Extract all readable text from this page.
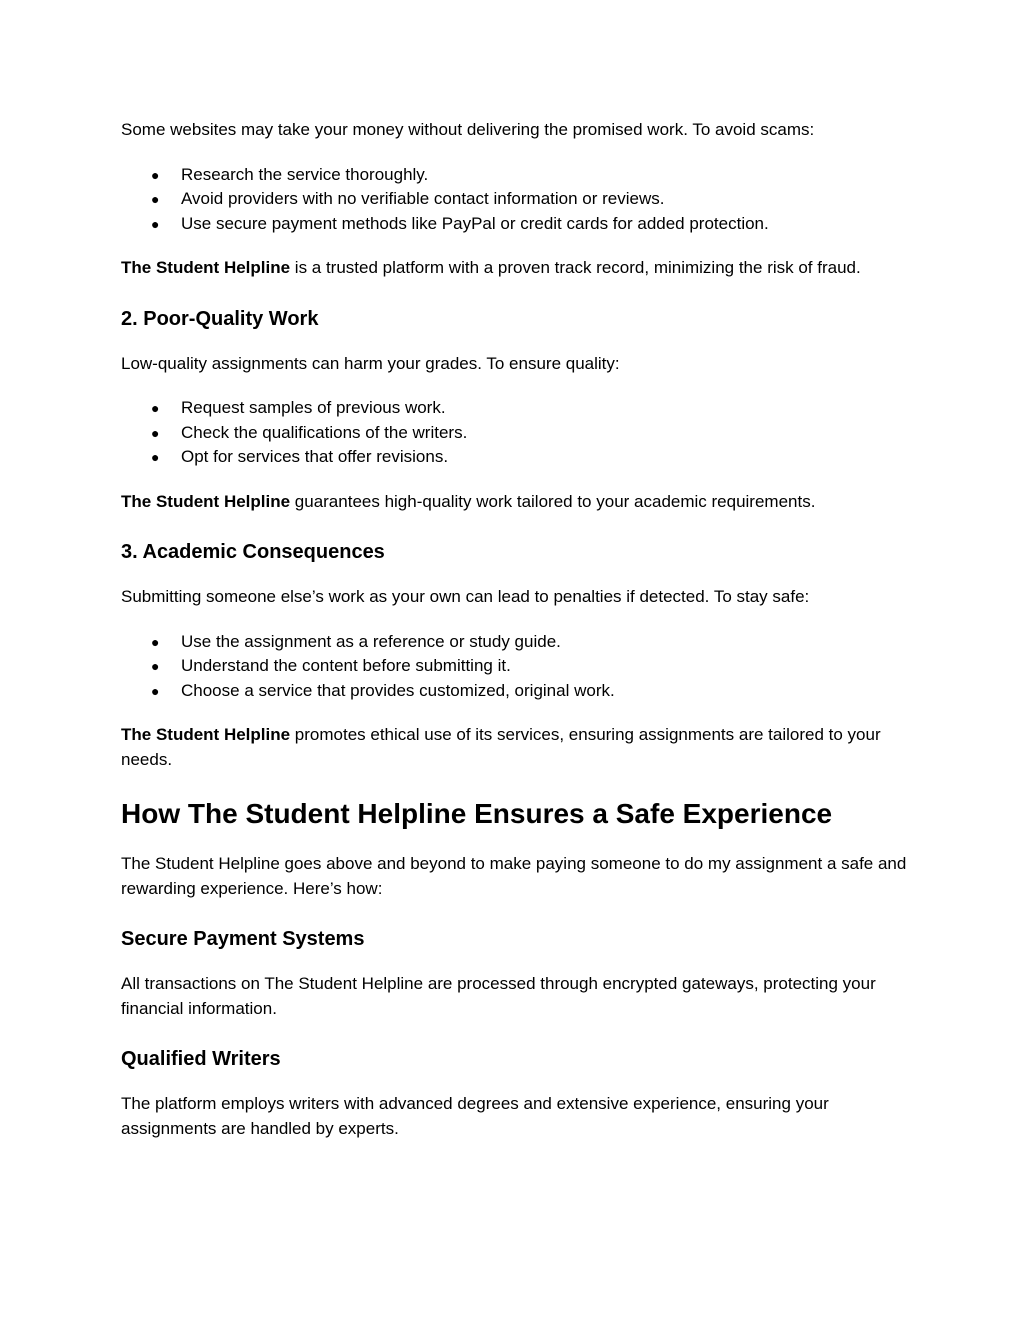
Some websites may take your money without delivering the promised work. To avoid scams:

● Research the service thoroughly.
● Avoid providers with no verifiable contact information or reviews.
● Use secure payment methods like PayPal or credit cards for added protection.

The Student Helpline is a trusted platform with a proven track record, minimizing the risk of fraud.

2. Poor-Quality Work

Low-quality assignments can harm your grades. To ensure quality:

● Request samples of previous work.
● Check the qualifications of the writers.
● Opt for services that offer revisions.

The Student Helpline guarantees high-quality work tailored to your academic requirements.

3. Academic Consequences

Submitting someone else’s work as your own can lead to penalties if detected. To stay safe:

● Use the assignment as a reference or study guide.
● Understand the content before submitting it.
● Choose a service that provides customized, original work.

The Student Helpline promotes ethical use of its services, ensuring assignments are tailored to your needs.

How The Student Helpline Ensures a Safe Experience

The Student Helpline goes above and beyond to make paying someone to do my assignment a safe and rewarding experience. Here’s how:

Secure Payment Systems

All transactions on The Student Helpline are processed through encrypted gateways, protecting your financial information.

Qualified Writers

The platform employs writers with advanced degrees and extensive experience, ensuring your assignments are handled by experts.
